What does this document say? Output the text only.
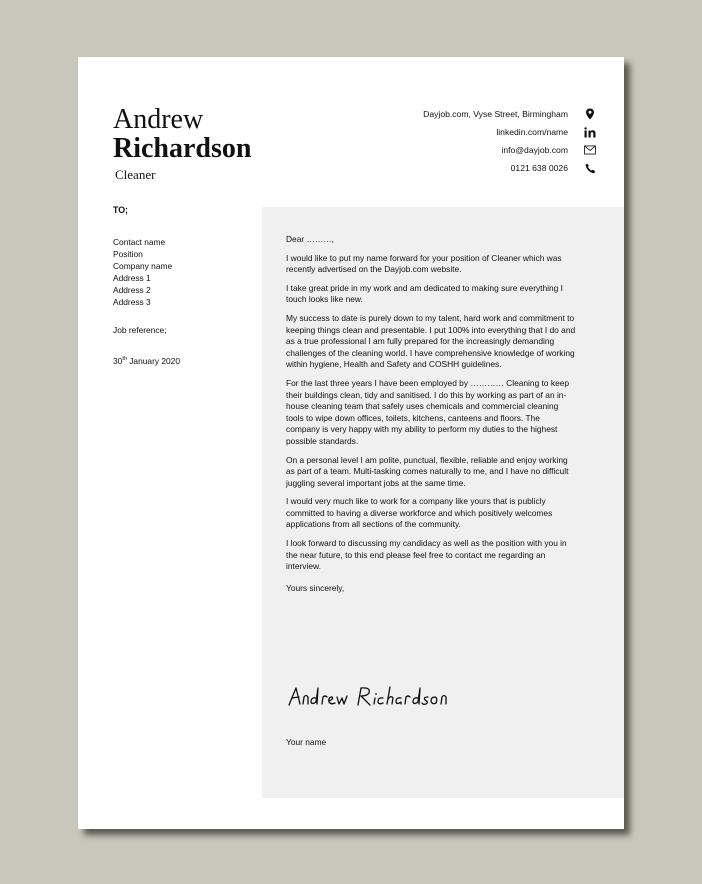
Andrew
Richardson
Cleaner
Dayjob.com, Vyse Street, Birmingham
linkedin.com/name
info@dayjob.com
0121 638 0026
TO;
Contact name
Position
Company name
Address 1
Address 2
Address 3
Job reference;
30th January 2020

Dear ………,

I would like to put my name forward for your position of Cleaner which was recently advertised on the Dayjob.com website.

I take great pride in my work and am dedicated to making sure everything I touch looks like new.

My success to date is purely down to my talent, hard work and commitment to keeping things clean and presentable. I put 100% into everything that I do and as a true professional I am fully prepared for the increasingly demanding challenges of the cleaning world. I have comprehensive knowledge of working within hygiene, Health and Safety and COSHH guidelines.

For the last three years I have been employed by ………… Cleaning to keep their buildings clean, tidy and sanitised. I do this by working as part of an in-house cleaning team that safely uses chemicals and commercial cleaning tools to wipe down offices, toilets, kitchens, canteens and floors. The company is very happy with my ability to perform my duties to the highest possible standards.

On a personal level I am polite, punctual, flexible, reliable and enjoy working as part of a team. Multi-tasking comes naturally to me, and I have no difficult juggling several important jobs at the same time.

I would very much like to work for a company like yours that is publicly committed to having a diverse workforce and which positively welcomes applications from all sections of the community.

I look forward to discussing my candidacy as well as the position with you in the near future, to this end please feel free to contact me regarding an interview.

Yours sincerely,

Your name
